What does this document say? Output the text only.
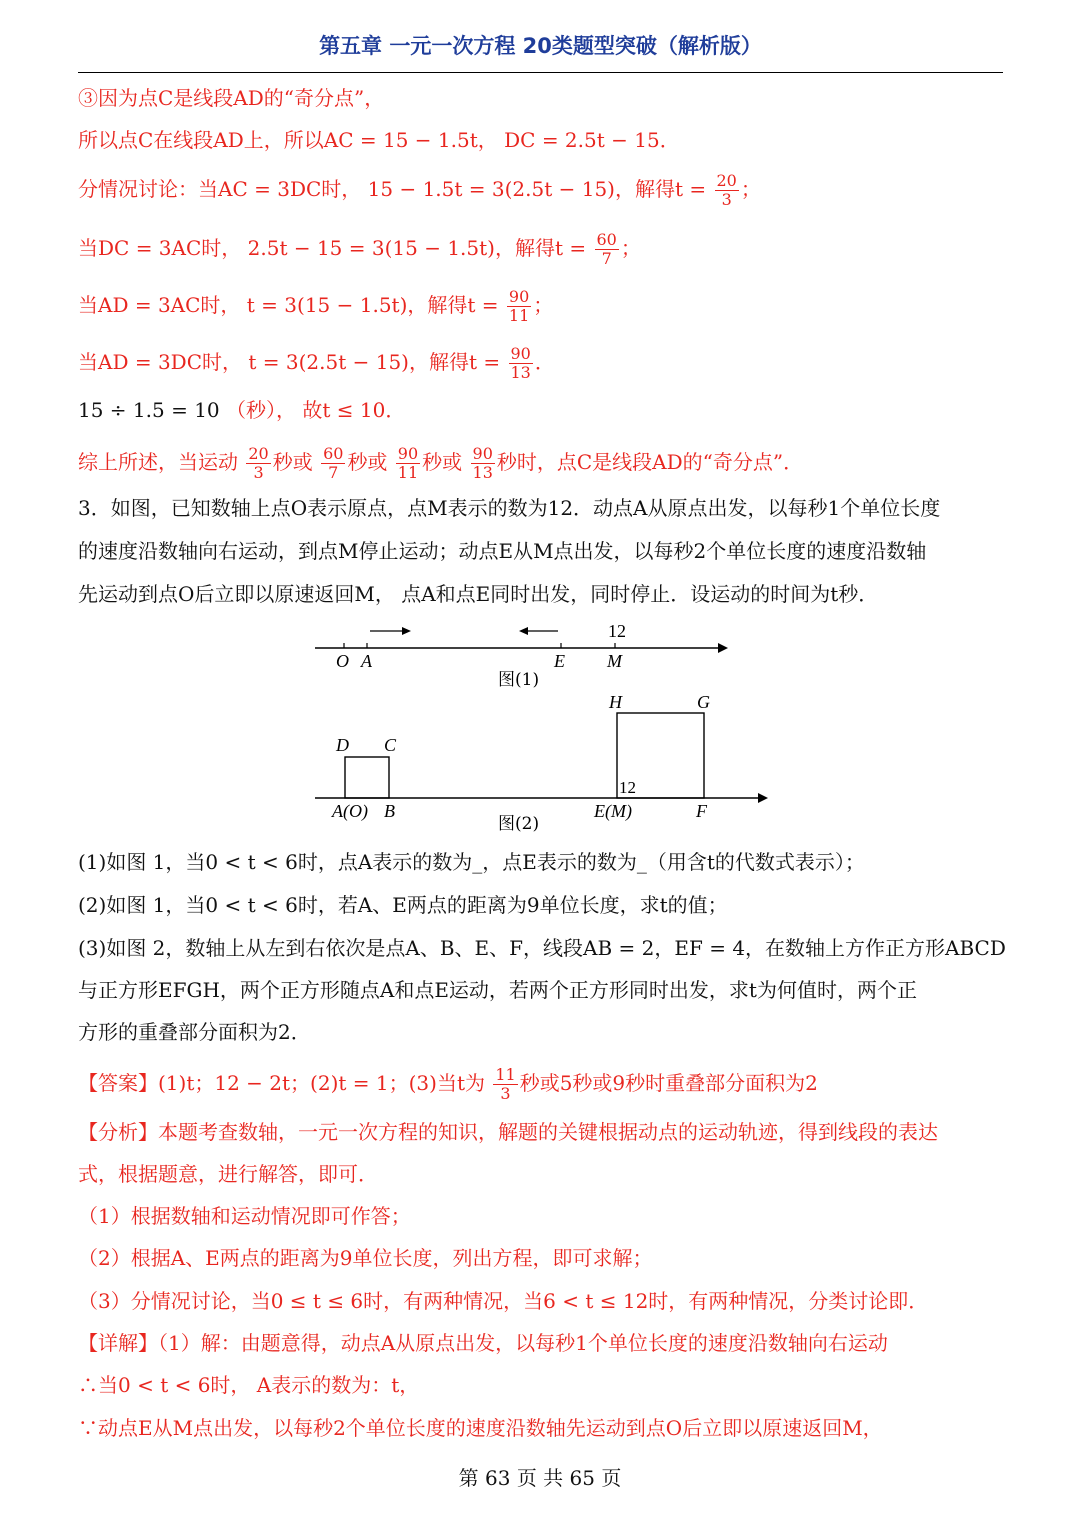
第五章 一元一次方程 20类题型突破（解析版）
③因为点C是线段AD的“奇分点”，
所以点C在线段AD上，所以AC = 15 − 1.5t， DC = 2.5t − 15．
分情况讨论：当AC = 3DC时， 15 − 1.5t = 3(2.5t − 15)，解得$t = \frac{20}{3}$ ；
当DC = 3AC时， 2.5t − 15 = 3(15 − 1.5t)，解得$t = \frac{60}{7}$ ；
当AD = 3AC时， t = 3(15 − 1.5t)，解得$t = \frac{90}{11}$ ；
当AD = 3DC时， t = 3(2.5t − 15)，解得$t = \frac{90}{13}$ ．
15 ÷ 1.5 = 10 （秒）， 故t ≤ 10．
综上所述，当运动 $\frac{20}{3}$ 秒或 $\frac{60}{7}$ 秒或 $\frac{90}{11}$ 秒或 $\frac{90}{13}$ 秒时，点C是线段AD的“奇分点”．
3．如图，已知数轴上点O表示原点，点M表示的数为12．动点A从原点出发，以每秒1个单位长度
的速度沿数轴向右运动，到点M停止运动；动点E从M点出发，以每秒2个单位长度的速度沿数轴
先运动到点O后立即以原速返回M， 点A和点E同时出发，同时停止．设运动的时间为t秒．
12
O A	E M
图(1)
D C
H	G
12
A(O) B	E(M)	F
图(2)
(1)如图 1，当0 < t < 6时，点A表示的数为_，点E表示的数为_（用含t的代数式表示）；
(2)如图 1，当0 < t < 6时，若A、E两点的距离为9单位长度，求t的值；
(3)如图 2，数轴上从左到右依次是点A、B、E、F，线段AB = 2，EF = 4，在数轴上方作正方形ABCD
与正方形EFGH，两个正方形随点A和点E运动，若两个正方形同时出发，求t为何值时，两个正
方形的重叠部分面积为2．
【答案】(1)t；12 − 2t；(2)t = 1；(3)当t为 $\frac{11}{3}$ 秒或5秒或9秒时重叠部分面积为2
【分析】本题考查数轴，一元一次方程的知识，解题的关键根据动点的运动轨迹，得到线段的表达
式，根据题意，进行解答，即可．
（1）根据数轴和运动情况即可作答；
（2）根据A、E两点的距离为9单位长度，列出方程，即可求解；
（3）分情况讨论，当0 ≤ t ≤ 6时，有两种情况，当6 < t ≤ 12时，有两种情况，分类讨论即．
【详解】（1）解：由题意得，动点A从原点出发，以每秒1个单位长度的速度沿数轴向右运动
∴当0 < t < 6时， A表示的数为：t，
∵动点E从M点出发，以每秒2个单位长度的速度沿数轴先运动到点O后立即以原速返回M，
第 63 页 共 65 页
